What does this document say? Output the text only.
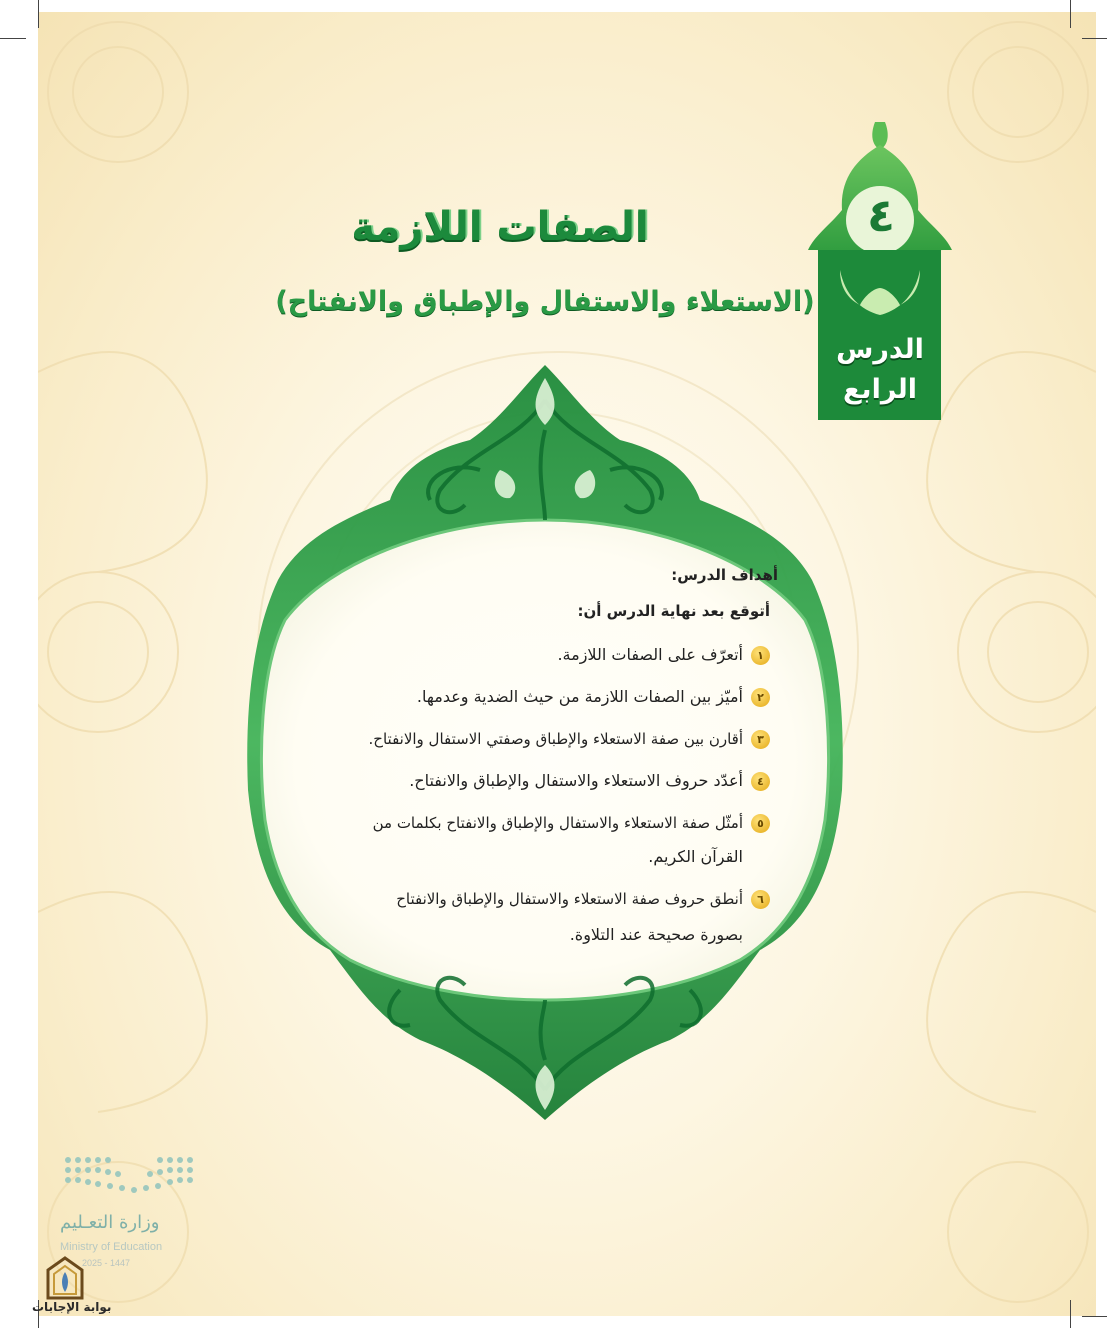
٤
الدرس
الرابع
الصفات اللازمة
(الاستعلاء والاستفال والإطباق والانفتاح)
أهداف الدرس:
أتوقع بعد نهاية الدرس أن:
١
أتعرّف على الصفات اللازمة.
٢
أميّز بين الصفات اللازمة من حيث الضدية وعدمها.
٣
أقارن بين صفة الاستعلاء والإطباق وصفتي الاستفال والانفتاح.
٤
أعدّد حروف الاستعلاء والاستفال والإطباق والانفتاح.
٥
أمثّل صفة الاستعلاء والاستفال والإطباق والانفتاح بكلمات من
القرآن الكريم.
٦
أنطق حروف صفة الاستعلاء والاستفال والإطباق والانفتاح
بصورة صحيحة عند التلاوة.
وزارة التعـليم
Ministry of Education
2025 - 1447
بوابة الإجابات
